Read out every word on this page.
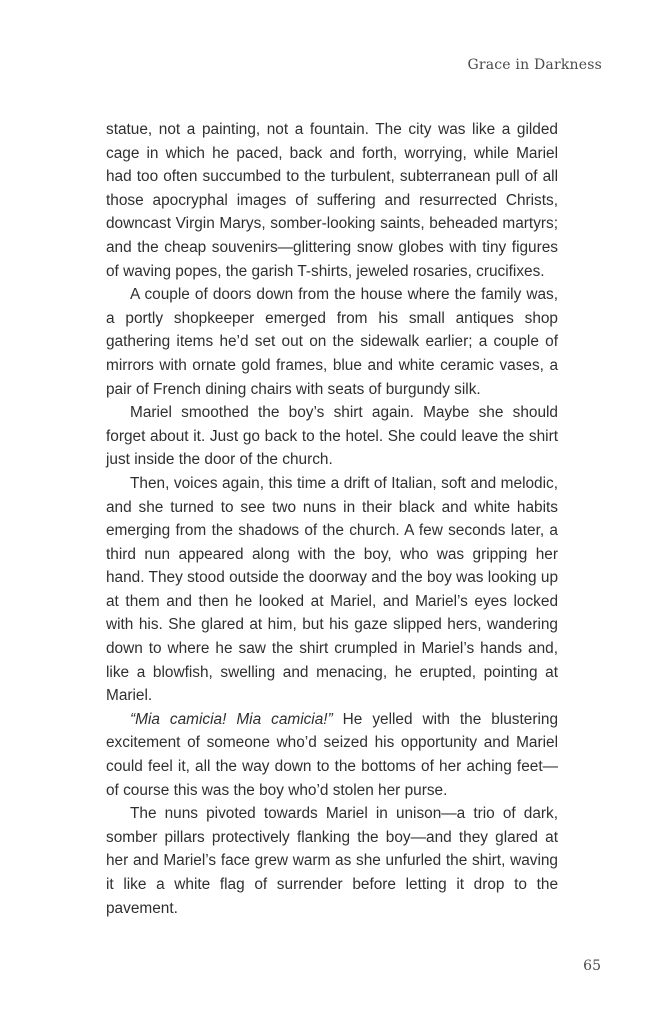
Grace in Darkness

statue, not a painting, not a fountain. The city was like a gilded cage in which he paced, back and forth, worrying, while Mariel had too often succumbed to the turbulent, subterranean pull of all those apocryphal images of suffering and resurrected Christs, downcast Virgin Marys, somber-looking saints, beheaded martyrs; and the cheap souvenirs—glittering snow globes with tiny figures of waving popes, the garish T-shirts, jeweled rosaries, crucifixes.

A couple of doors down from the house where the family was, a portly shopkeeper emerged from his small antiques shop gathering items he’d set out on the sidewalk earlier; a couple of mirrors with ornate gold frames, blue and white ceramic vases, a pair of French dining chairs with seats of burgundy silk.

Mariel smoothed the boy’s shirt again. Maybe she should forget about it. Just go back to the hotel. She could leave the shirt just inside the door of the church.

Then, voices again, this time a drift of Italian, soft and melodic, and she turned to see two nuns in their black and white habits emerging from the shadows of the church. A few seconds later, a third nun appeared along with the boy, who was gripping her hand. They stood outside the doorway and the boy was looking up at them and then he looked at Mariel, and Mariel’s eyes locked with his. She glared at him, but his gaze slipped hers, wandering down to where he saw the shirt crumpled in Mariel’s hands and, like a blowfish, swelling and menacing, he erupted, pointing at Mariel.

“Mia camicia! Mia camicia!” He yelled with the blustering excitement of someone who’d seized his opportunity and Mariel could feel it, all the way down to the bottoms of her aching feet—of course this was the boy who’d stolen her purse.

The nuns pivoted towards Mariel in unison—a trio of dark, somber pillars protectively flanking the boy—and they glared at her and Mariel’s face grew warm as she unfurled the shirt, waving it like a white flag of surrender before letting it drop to the pavement.

65
